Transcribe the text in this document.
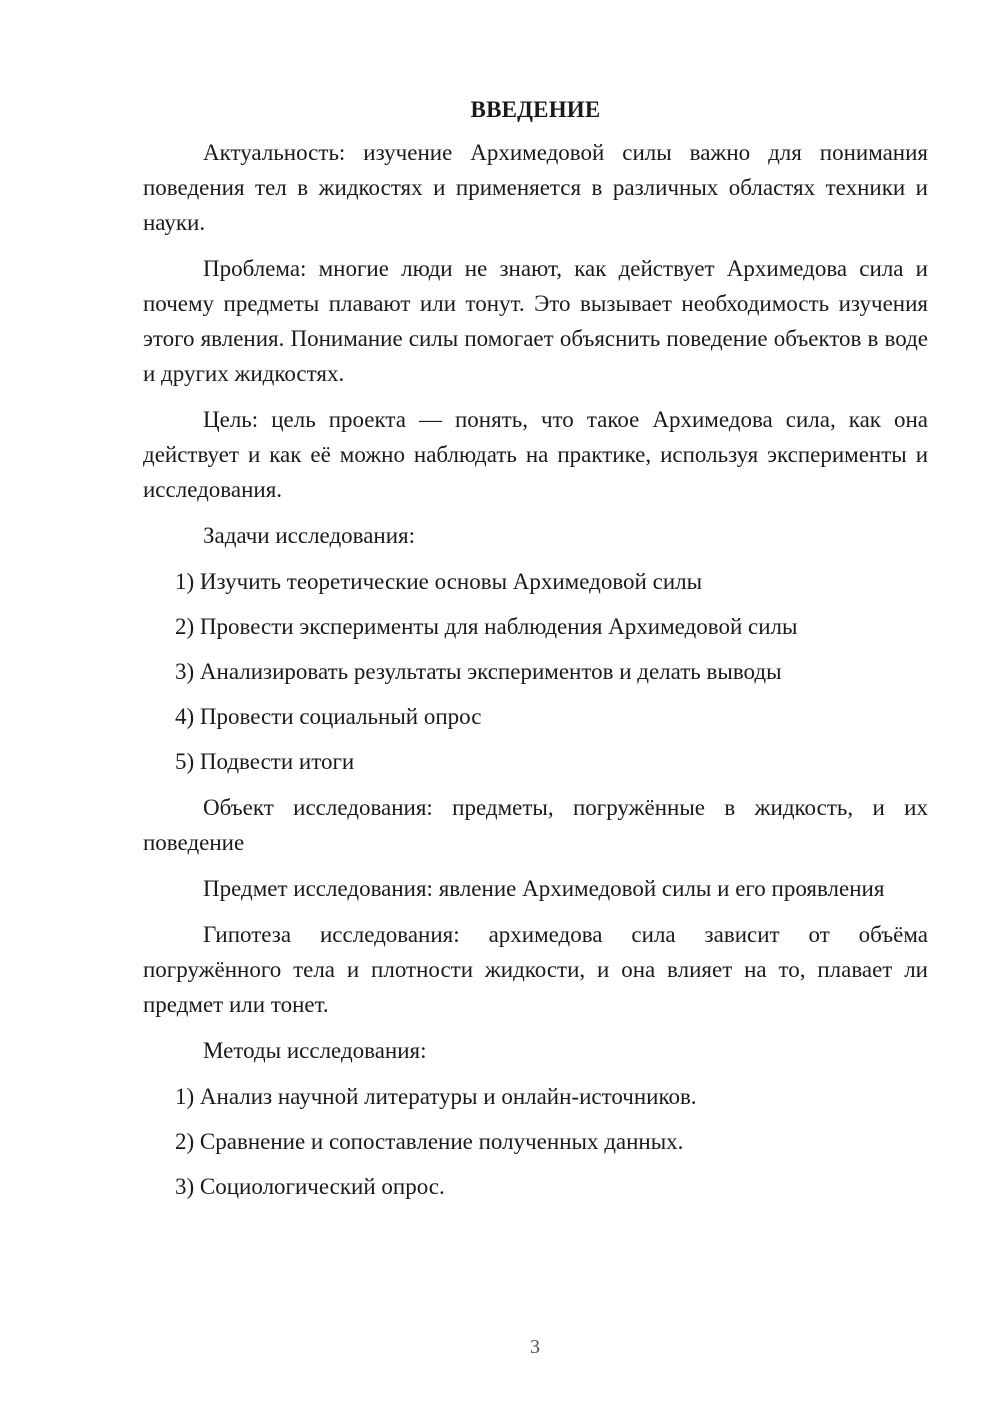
ВВЕДЕНИЕ

Актуальность: изучение Архимедовой силы важно для понимания поведения тел в жидкостях и применяется в различных областях техники и науки.

Проблема: многие люди не знают, как действует Архимедова сила и почему предметы плавают или тонут. Это вызывает необходимость изучения этого явления. Понимание силы помогает объяснить поведение объектов в воде и других жидкостях.

Цель: цель проекта — понять, что такое Архимедова сила, как она действует и как её можно наблюдать на практике, используя эксперименты и исследования.

Задачи исследования:

1) Изучить теоретические основы Архимедовой силы
2) Провести эксперименты для наблюдения Архимедовой силы
3) Анализировать результаты экспериментов и делать выводы
4) Провести социальный опрос
5) Подвести итоги

Объект исследования: предметы, погружённые в жидкость, и их поведение

Предмет исследования: явление Архимедовой силы и его проявления

Гипотеза исследования: архимедова сила зависит от объёма погружённого тела и плотности жидкости, и она влияет на то, плавает ли предмет или тонет.

Методы исследования:

1) Анализ научной литературы и онлайн-источников.
2) Сравнение и сопоставление полученных данных.
3) Социологический опрос.
3
